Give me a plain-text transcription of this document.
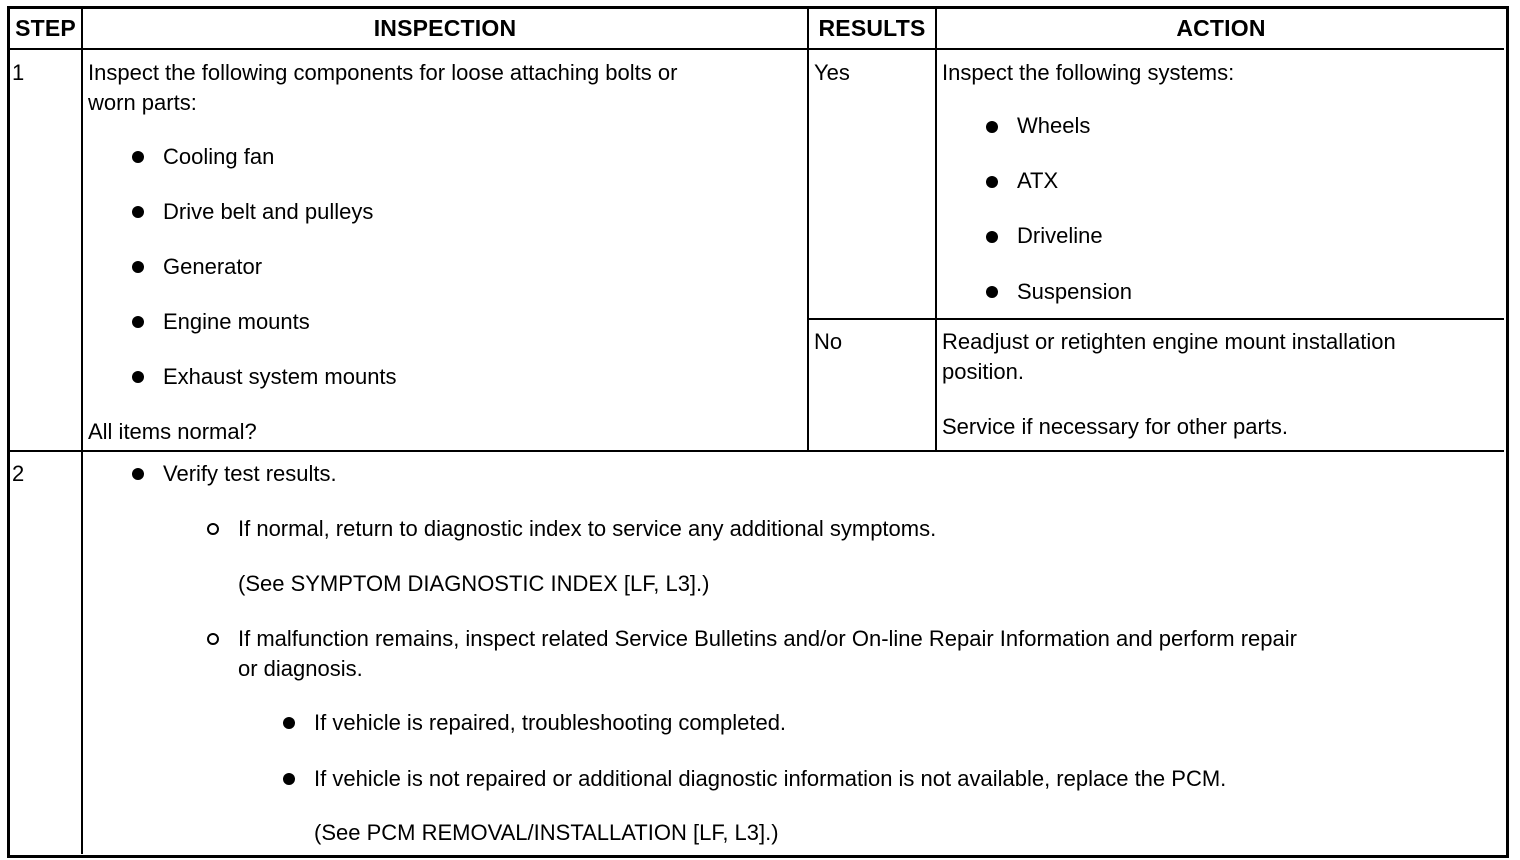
STEP	INSPECTION	RESULTS	ACTION
1	Inspect the following components for loose attaching bolts or
worn parts:
Cooling fan
Drive belt and pulleys
Generator
Engine mounts
Exhaust system mounts
All items normal?
Yes	Inspect the following systems:
Wheels
ATX
Driveline
Suspension
No	Readjust or retighten engine mount installation
position.
Service if necessary for other parts.
2	Verify test results.
If normal, return to diagnostic index to service any additional symptoms.
(See SYMPTOM DIAGNOSTIC INDEX [LF, L3].)
If malfunction remains, inspect related Service Bulletins and/or On-line Repair Information and perform repair
or diagnosis.
If vehicle is repaired, troubleshooting completed.
If vehicle is not repaired or additional diagnostic information is not available, replace the PCM.
(See PCM REMOVAL/INSTALLATION [LF, L3].)
